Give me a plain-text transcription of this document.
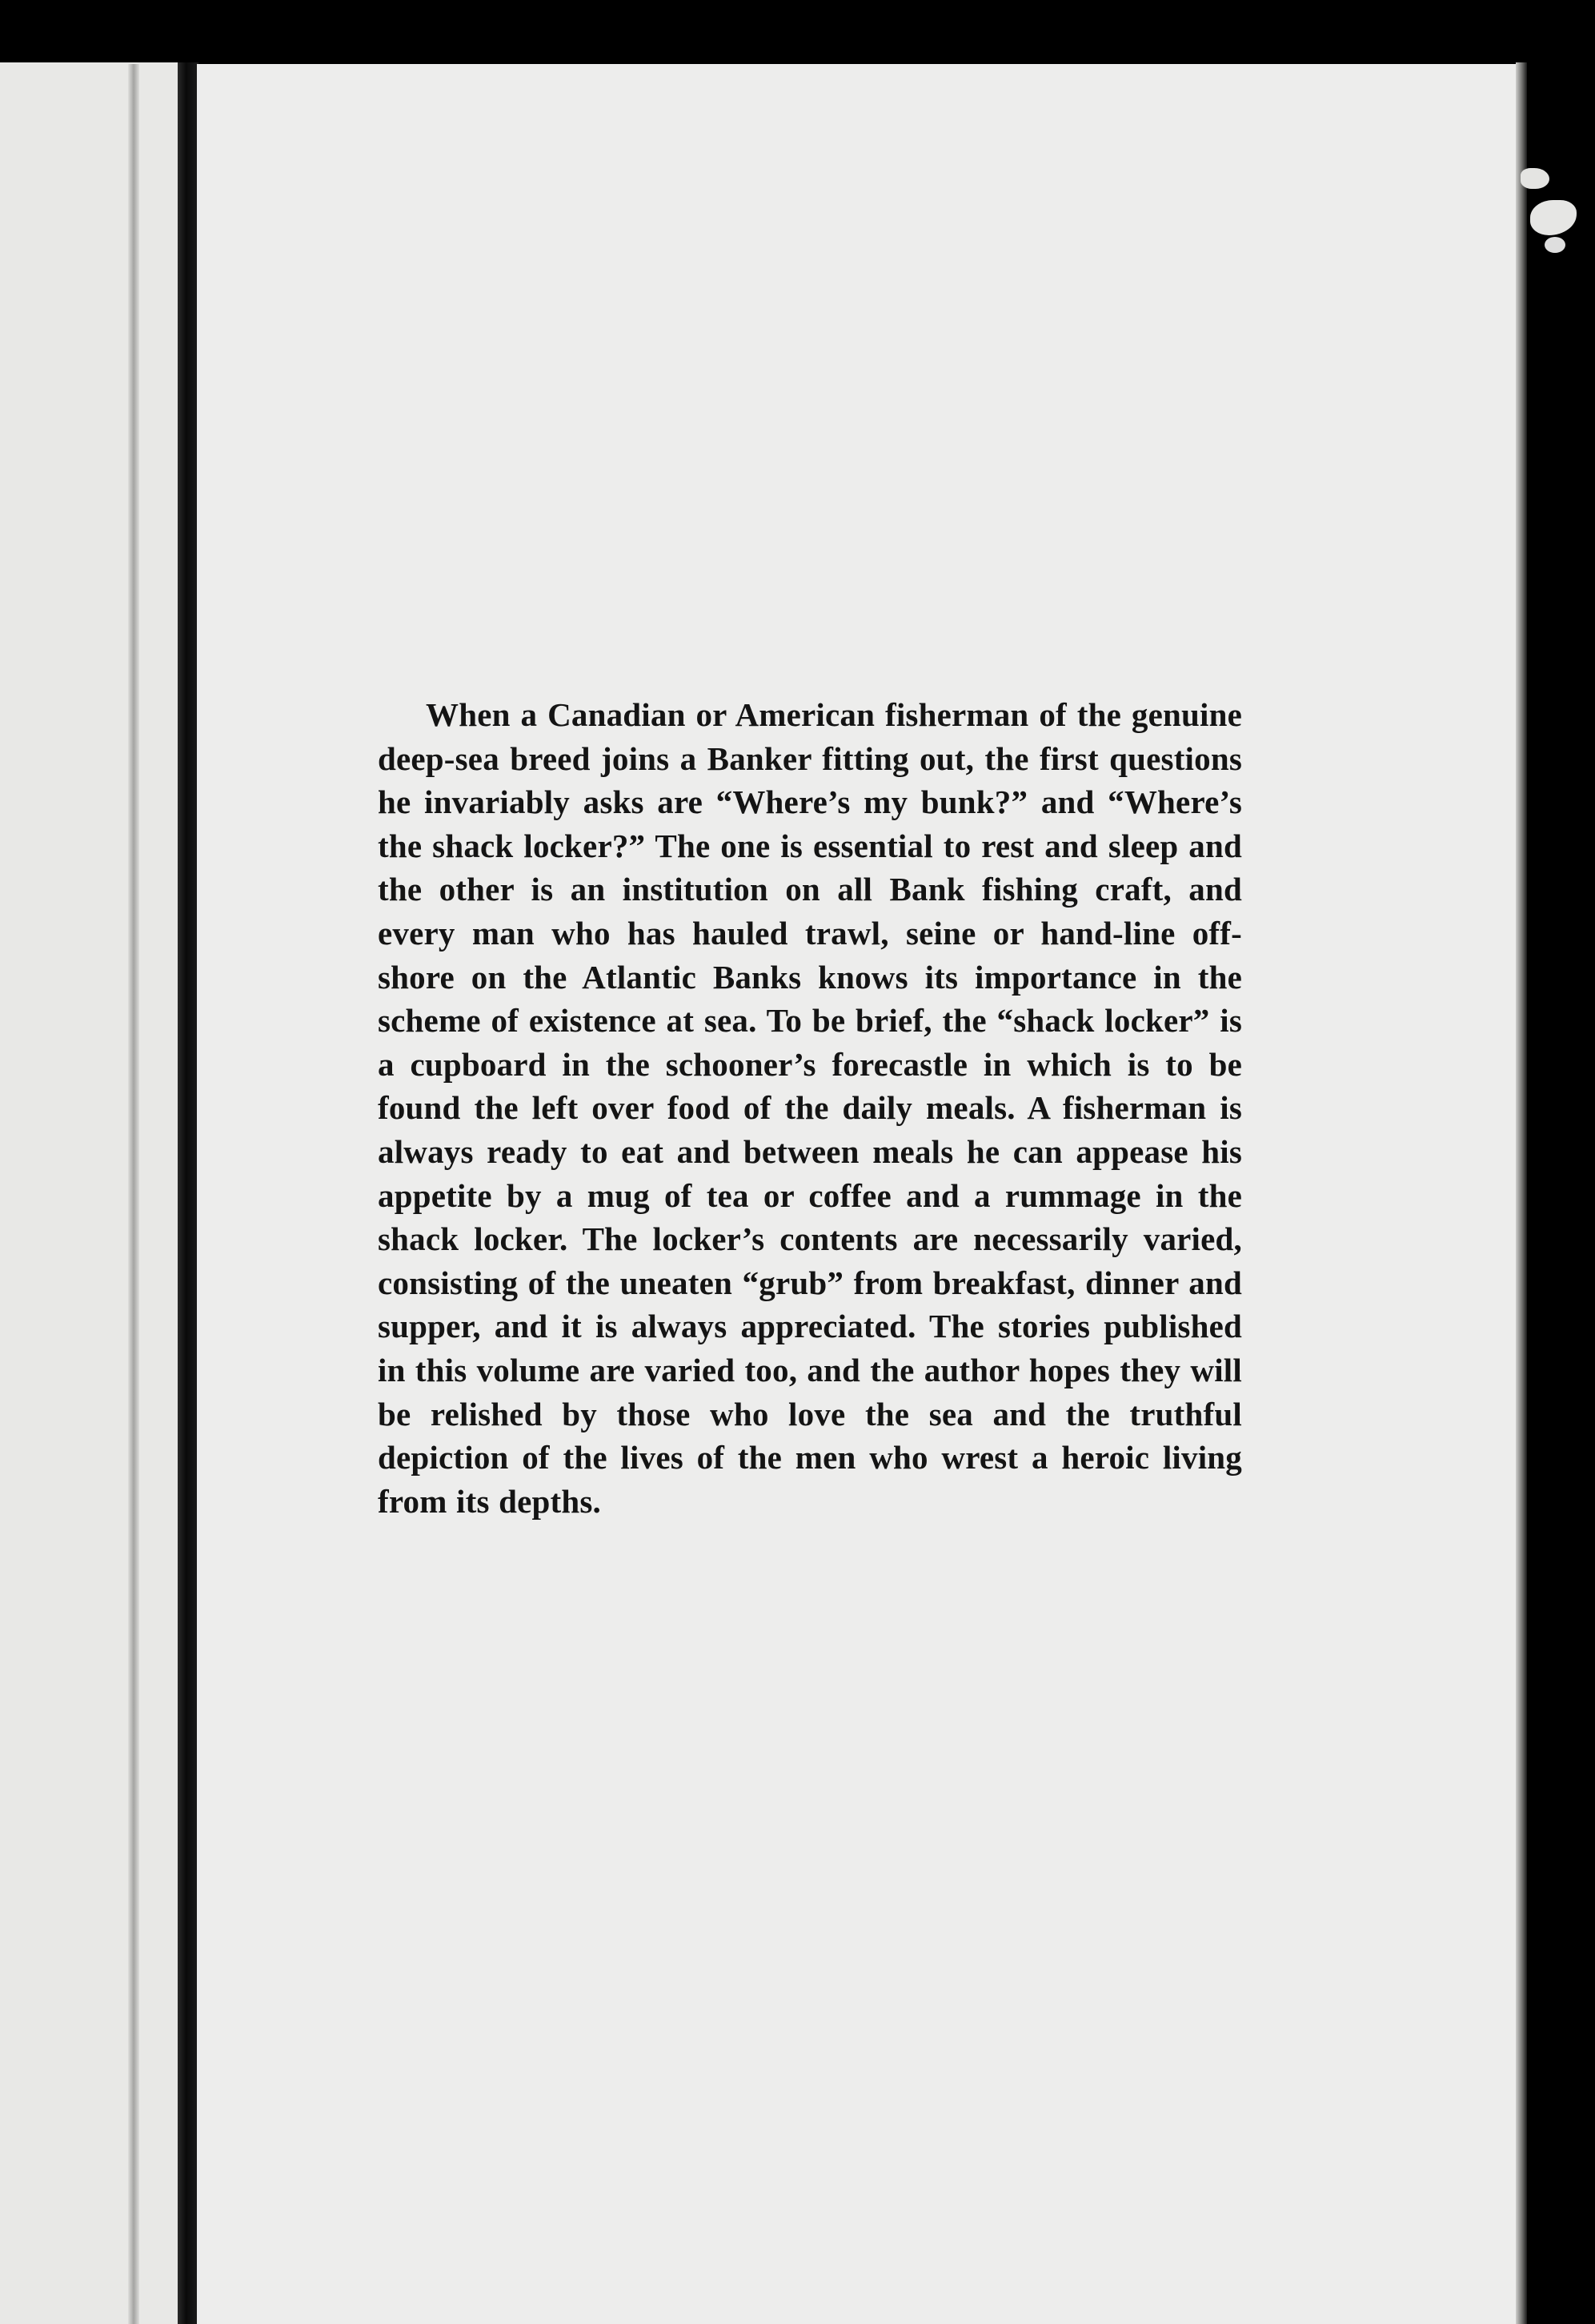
When a Canadian or American fisherman of the genuine deep-sea breed joins a Banker fitting out, the first questions he invariably asks are “Where’s my bunk?” and “Where’s the shack locker?” The one is essential to rest and sleep and the other is an institution on all Bank fishing craft, and every man who has hauled trawl, seine or hand-line off-shore on the Atlantic Banks knows its importance in the scheme of existence at sea. To be brief, the “shack locker” is a cupboard in the schooner’s forecastle in which is to be found the left over food of the daily meals. A fisherman is always ready to eat and between meals he can appease his appetite by a mug of tea or coffee and a rummage in the shack locker. The locker’s contents are necessarily varied, consisting of the uneaten “grub” from breakfast, dinner and supper, and it is always appreciated. The stories published in this volume are varied too, and the author hopes they will be relished by those who love the sea and the truthful depiction of the lives of the men who wrest a heroic living from its depths.
